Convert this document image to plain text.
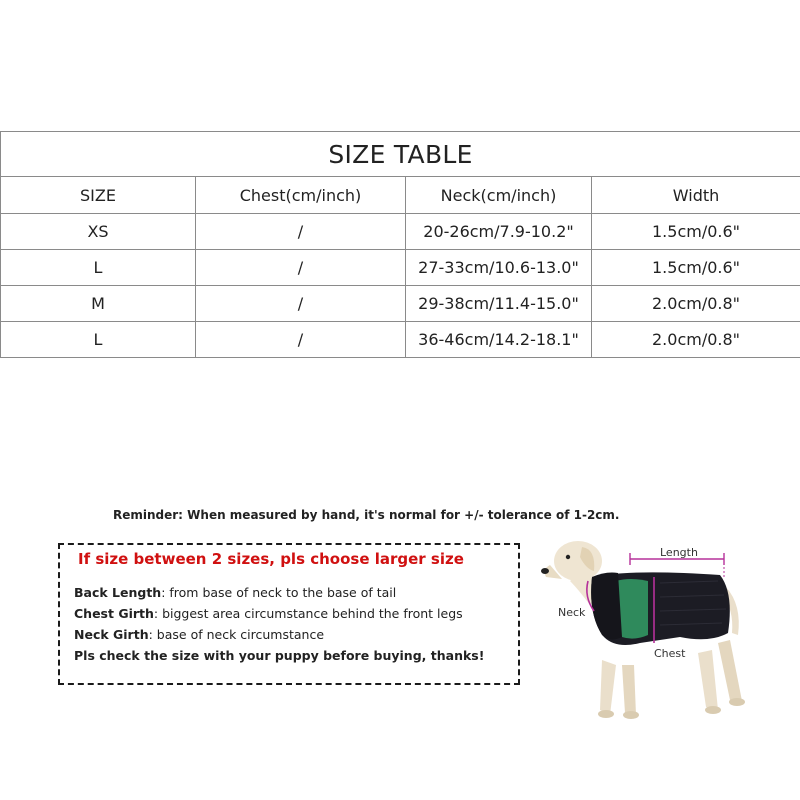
SIZE TABLE			
SIZE	Chest(cm/inch)	Neck(cm/inch)	Width
XS	/	20-26cm/7.9-10.2"	1.5cm/0.6"
L	/	27-33cm/10.6-13.0"	1.5cm/0.6"
M	/	29-38cm/11.4-15.0"	2.0cm/0.8"
L	/	36-46cm/14.2-18.1"	2.0cm/0.8"
Reminder: When measured by hand, it's normal for +/- tolerance of 1-2cm.
If size between 2 sizes, pls choose larger size
Back Length: from base of neck to the base of tail
Chest Girth: biggest area circumstance behind the front legs
Neck Girth: base of neck circumstance
Pls check the size with your puppy before buying, thanks!
Length
Neck
Chest
